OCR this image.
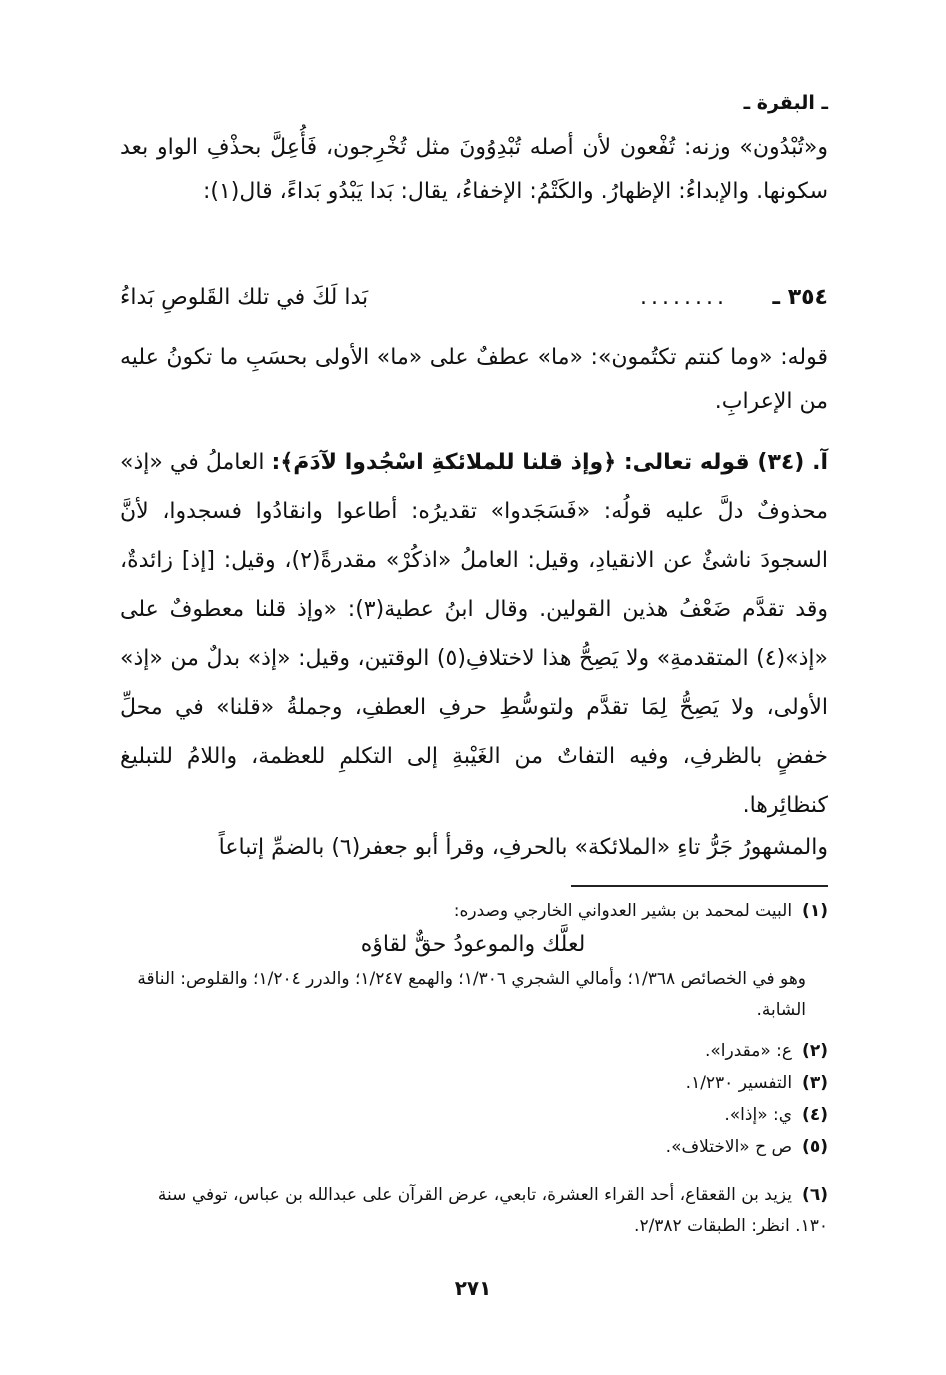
ـ البقرة ـ
و«تُبْدُون» وزنه: تُفْعون لأن أصله تُبْدِوُونَ مثل تُخْرِجون، فَأُعِلَّ بحذْفِ الواو بعد سكونها. والإبداءُ: الإظهارُ. والكَتْمُ: الإخفاءُ، يقال: بَدا يَبْدُو بَداءً، قال(١):
٣٥٤ ـ
........
بَدا لَكَ في تلك القَلوصِ بَداءُ
قوله: «وما كنتم تكتُمون»: «ما» عطفٌ على «ما» الأولى بحسَبِ ما تكونُ عليه من الإعرابِ.
آ. (٣٤) قوله تعالى: ﴿وإذ قلنا للملائكةِ اسْجُدوا لآدَمَ﴾: العاملُ في «إذ» محذوفٌ دلَّ عليه قولُه: «فَسَجَدوا» تقديرُه: أطاعوا وانقادُوا فسجدوا، لأنَّ السجودَ ناشئٌ عن الانقيادِ، وقيل: العاملُ «اذكُرْ» مقدرةً(٢)، وقيل: [إذ] زائدةٌ، وقد تقدَّم ضَعْفُ هذين القولين. وقال ابنُ عطية(٣): «وإذ قلنا معطوفٌ على «إذ»(٤) المتقدمةِ» ولا يَصِحُّ هذا لاختلافِ(٥) الوقتين، وقيل: «إذ» بدلٌ من «إذ» الأولى، ولا يَصِحُّ لِمَا تقدَّم ولتوسُّطِ حرفِ العطفِ، وجملةُ «قلنا» في محلِّ خفضٍ بالظرفِ، وفيه التفاتٌ من الغَيْبةِ إلى التكلمِ للعظمة، واللامُ للتبليغ كنظائِرها.
والمشهورُ جَرُّ تاءِ «الملائكة» بالحرفِ، وقرأ أبو جعفر(٦) بالضمِّ إتباعاً
(١)البيت لمحمد بن بشير العدواني الخارجي وصدره:
لعلَّك والموعودُ حقٌّ لقاؤه
وهو في الخصائص ١/٣٦٨؛ وأمالي الشجري ١/٣٠٦؛ والهمع ١/٢٤٧؛ والدرر ١/٢٠٤؛ والقلوص: الناقة الشابة.
(٢)ع: «مقدرا».
(٣)التفسير ١/٢٣٠.
(٤)ي: «إذا».
(٥)ص ح «الاختلاف».
(٦)يزيد بن القعقاع، أحد القراء العشرة، تابعي، عرض القرآن على عبدالله بن عباس، توفي سنة ١٣٠. انظر: الطبقات ٢/٣٨٢.
٢٧١
